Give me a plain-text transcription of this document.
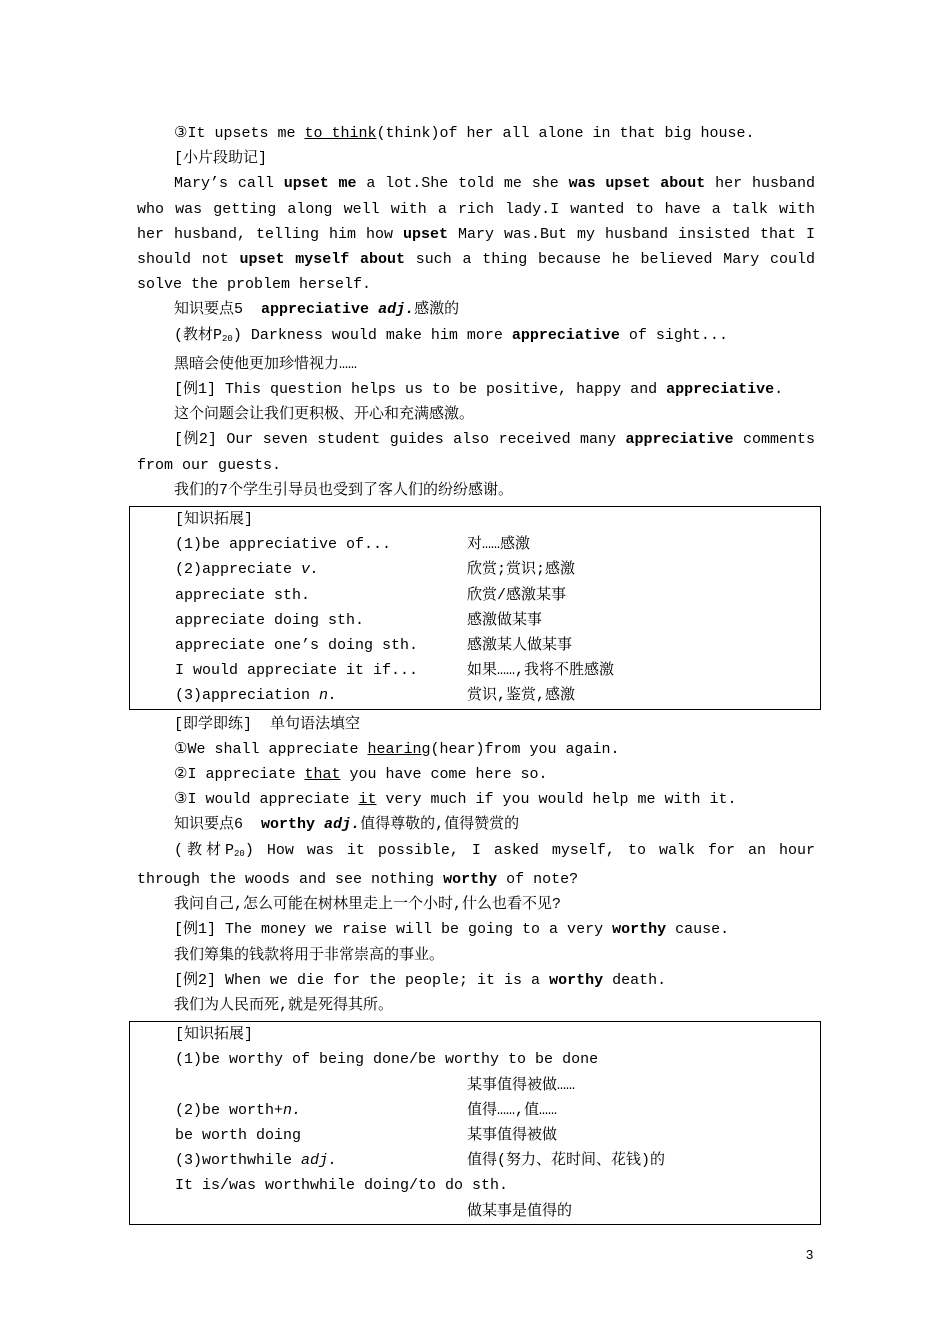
③It upsets me to think(think)of her all alone in that big house.
[小片段助记]
Mary’s call upset me a lot.She told me she was upset about her husband who was getting along well with a rich lady.I wanted to have a talk with her husband, telling him how upset Mary was.But my husband insisted that I should not upset myself about such a thing because he believed Mary could solve the problem herself.
知识要点5  appreciative adj.感激的
(教材$P_{20}$) Darkness would make him more appreciative of sight...
黑暗会使他更加珍惜视力……
[例1] This question helps us to be positive, happy and appreciative.
这个问题会让我们更积极、开心和充满感激。
[例2] Our seven student guides also received many appreciative comments from our guests.
我们的7个学生引导员也受到了客人们的纷纷感谢。
[知识拓展]
(1)be appreciative of...	对……感激
(2)appreciate v.	欣赏;赏识;感激
appreciate sth.	欣赏/感激某事
appreciate doing sth.	感激做某事
appreciate one’s doing sth.	感激某人做某事
I would appreciate it if...	如果……,我将不胜感激
(3)appreciation n.	赏识,鉴赏,感激
[即学即练]  单句语法填空
①We shall appreciate hearing(hear)from you again.
②I appreciate that you have come here so.
③I would appreciate it very much if you would help me with it.
知识要点6  worthy adj.值得尊敬的,值得赞赏的
(教材$P_{20}$) How was it possible, I asked myself, to walk for an hour through the woods and see nothing worthy of note?
我问自己,怎么可能在树林里走上一个小时,什么也看不见?
[例1] The money we raise will be going to a very worthy cause.
我们筹集的钱款将用于非常崇高的事业。
[例2] When we die for the people; it is a worthy death.
我们为人民而死,就是死得其所。
[知识拓展]
(1)be worthy of being done/be worthy to be done
某事值得被做……
(2)be worth+n.	值得……,值……
be worth doing	某事值得被做
(3)worthwhile adj.	值得(努力、花时间、花钱)的
It is/was worthwhile doing/to do sth.
做某事是值得的
3
